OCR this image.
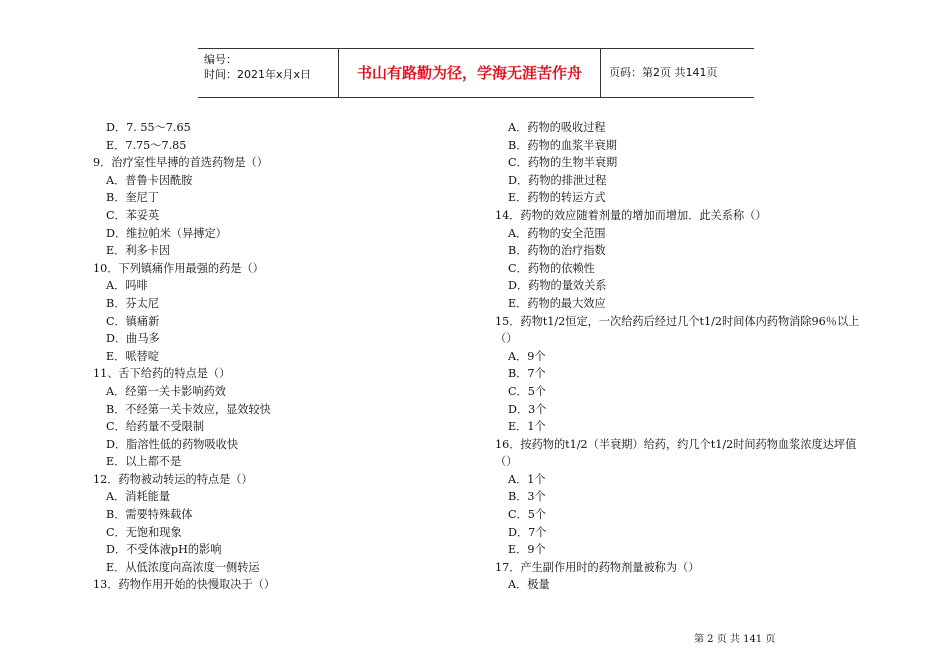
编号：
时间：2021年x月x日	书山有路勤为径，学海无涯苦作舟	页码：第2页 共141页
D．7. 55～7.65
E．7.75～7.85
9．治疗室性早搏的首选药物是（）
A．普鲁卡因酰胺
B．奎尼丁
C．苯妥英
D．维拉帕米（异搏定）
E．利多卡因
10．下列镇痛作用最强的药是（）
A．吗啡
B．芬太尼
C．镇痛新
D．曲马多
E．哌替啶
11、舌下给药的特点是（）
A．经第一关卡影响药效
B．不经第一关卡效应，显效较快
C．给药量不受限制
D．脂溶性低的药物吸收快
E．以上都不是
12．药物被动转运的特点是（）
A．消耗能量
B．需要特殊载体
C．无饱和现象
D．不受体液pH的影响
E．从低浓度向高浓度一侧转运
13．药物作用开始的快慢取决于（）
A．药物的吸收过程
B．药物的血浆半衰期
C．药物的生物半衰期
D．药物的排泄过程
E．药物的转运方式
14．药物的效应随着剂量的增加而增加．此关系称（）
A．药物的安全范围
B．药物的治疗指数
C．药物的依赖性
D．药物的量效关系
E．药物的最大效应
15．药物t1/2恒定，一次给药后经过几个t1/2时间体内药物消除96％以上
（）
A．9个
B．7个
C．5个
D．3个
E．1个
16．按药物的t1/2（半衰期）给药，约几个t1/2时间药物血浆浓度达坪值
（）
A．1个
B．3个
C．5个
D．7个
E．9个
17．产生副作用时的药物剂量被称为（）
A．极量
第 2 页 共 141 页
